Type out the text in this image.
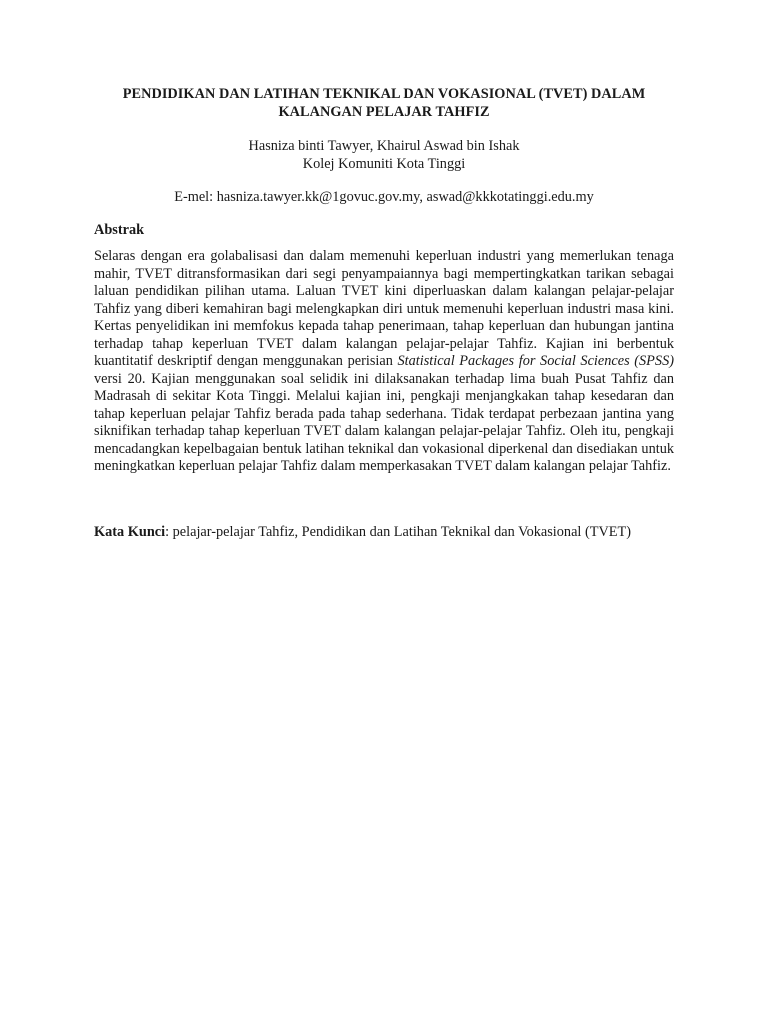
PENDIDIKAN DAN LATIHAN TEKNIKAL DAN VOKASIONAL (TVET) DALAM KALANGAN PELAJAR TAHFIZ
Hasniza binti Tawyer, Khairul Aswad bin Ishak
Kolej Komuniti Kota Tinggi
E-mel: hasniza.tawyer.kk@1govuc.gov.my, aswad@kkkotatinggi.edu.my
Abstrak

Selaras dengan era golabalisasi dan dalam memenuhi keperluan industri yang memerlukan tenaga mahir, TVET ditransformasikan dari segi penyampaiannya bagi mempertingkatkan tarikan sebagai laluan pendidikan pilihan utama. Laluan TVET kini diperluaskan dalam kalangan pelajar-pelajar Tahfiz yang diberi kemahiran bagi melengkapkan diri untuk memenuhi keperluan industri masa kini. Kertas penyelidikan ini memfokus kepada tahap penerimaan, tahap keperluan dan hubungan jantina terhadap tahap keperluan TVET dalam kalangan pelajar-pelajar Tahfiz. Kajian ini berbentuk kuantitatif deskriptif dengan menggunakan perisian Statistical Packages for Social Sciences (SPSS) versi 20. Kajian menggunakan soal selidik ini dilaksanakan terhadap lima buah Pusat Tahfiz dan Madrasah di sekitar Kota Tinggi. Melalui kajian ini, pengkaji menjangkakan tahap kesedaran dan tahap keperluan pelajar Tahfiz berada pada tahap sederhana. Tidak terdapat perbezaan jantina yang siknifikan terhadap tahap keperluan TVET dalam kalangan pelajar-pelajar Tahfiz. Oleh itu, pengkaji mencadangkan kepelbagaian bentuk latihan teknikal dan vokasional diperkenal dan disediakan untuk meningkatkan keperluan pelajar Tahfiz dalam memperkasakan TVET dalam kalangan pelajar Tahfiz.

Kata Kunci: pelajar-pelajar Tahfiz, Pendidikan dan Latihan Teknikal dan Vokasional (TVET)
